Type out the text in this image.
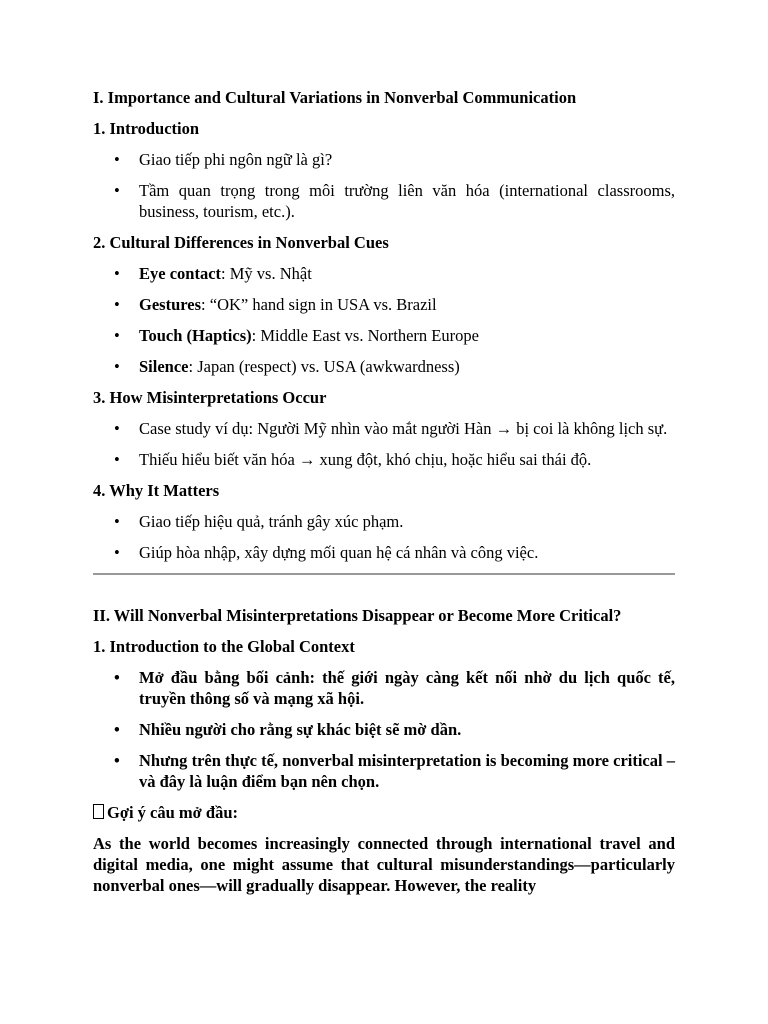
I. Importance and Cultural Variations in Nonverbal Communication
1. Introduction
• Giao tiếp phi ngôn ngữ là gì?
• Tầm quan trọng trong môi trường liên văn hóa (international classrooms, business, tourism, etc.).
2. Cultural Differences in Nonverbal Cues
• Eye contact: Mỹ vs. Nhật
• Gestures: “OK” hand sign in USA vs. Brazil
• Touch (Haptics): Middle East vs. Northern Europe
• Silence: Japan (respect) vs. USA (awkwardness)
3. How Misinterpretations Occur
• Case study ví dụ: Người Mỹ nhìn vào mắt người Hàn → bị coi là không lịch sự.
• Thiếu hiểu biết văn hóa → xung đột, khó chịu, hoặc hiểu sai thái độ.
4. Why It Matters
• Giao tiếp hiệu quả, tránh gây xúc phạm.
• Giúp hòa nhập, xây dựng mối quan hệ cá nhân và công việc.
II. Will Nonverbal Misinterpretations Disappear or Become More Critical?
1. Introduction to the Global Context
• Mở đầu bằng bối cảnh: thế giới ngày càng kết nối nhờ du lịch quốc tế, truyền thông số và mạng xã hội.
• Nhiều người cho rằng sự khác biệt sẽ mờ dần.
• Nhưng trên thực tế, nonverbal misinterpretation is becoming more critical – và đây là luận điểm bạn nên chọn.

Gợi ý câu mở đầu:

As the world becomes increasingly connected through international travel and digital media, one might assume that cultural misunderstandings—particularly nonverbal ones—will gradually disappear. However, the reality
